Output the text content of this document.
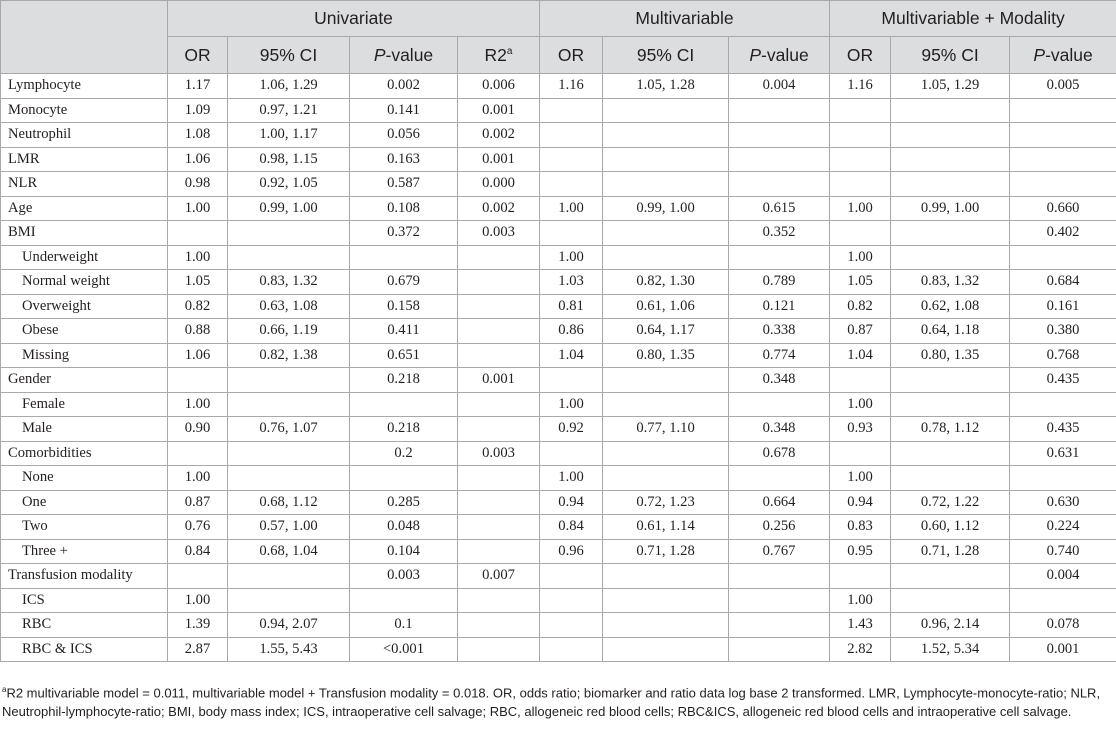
	Univariate				Multivariable			Multivariable + Modality		
	OR	95% CI	P-value	R2$^a$	OR	95% CI	P-value	OR	95% CI	P-value
Lymphocyte	1.17	1.06, 1.29	0.002	0.006	1.16	1.05, 1.28	0.004	1.16	1.05, 1.29	0.005
Monocyte	1.09	0.97, 1.21	0.141	0.001						
Neutrophil	1.08	1.00, 1.17	0.056	0.002						
LMR	1.06	0.98, 1.15	0.163	0.001						
NLR	0.98	0.92, 1.05	0.587	0.000						
Age	1.00	0.99, 1.00	0.108	0.002	1.00	0.99, 1.00	0.615	1.00	0.99, 1.00	0.660
BMI			0.372	0.003			0.352			0.402
Underweight	1.00				1.00			1.00		
Normal weight	1.05	0.83, 1.32	0.679		1.03	0.82, 1.30	0.789	1.05	0.83, 1.32	0.684
Overweight	0.82	0.63, 1.08	0.158		0.81	0.61, 1.06	0.121	0.82	0.62, 1.08	0.161
Obese	0.88	0.66, 1.19	0.411		0.86	0.64, 1.17	0.338	0.87	0.64, 1.18	0.380
Missing	1.06	0.82, 1.38	0.651		1.04	0.80, 1.35	0.774	1.04	0.80, 1.35	0.768
Gender			0.218	0.001			0.348			0.435
Female	1.00				1.00			1.00		
Male	0.90	0.76, 1.07	0.218		0.92	0.77, 1.10	0.348	0.93	0.78, 1.12	0.435
Comorbidities			0.2	0.003			0.678			0.631
None	1.00				1.00			1.00		
One	0.87	0.68, 1.12	0.285		0.94	0.72, 1.23	0.664	0.94	0.72, 1.22	0.630
Two	0.76	0.57, 1.00	0.048		0.84	0.61, 1.14	0.256	0.83	0.60, 1.12	0.224
Three +	0.84	0.68, 1.04	0.104		0.96	0.71, 1.28	0.767	0.95	0.71, 1.28	0.740
Transfusion modality			0.003	0.007						0.004
ICS	1.00							1.00		
RBC	1.39	0.94, 2.07	0.1					1.43	0.96, 2.14	0.078
RBC & ICS	2.87	1.55, 5.43	<0.001					2.82	1.52, 5.34	0.001
$^a$R2 multivariable model = 0.011, multivariable model + Transfusion modality = 0.018. OR, odds ratio; biomarker and ratio data log base 2 transformed. LMR, Lymphocyte-monocyte-ratio; NLR, Neutrophil-lymphocyte-ratio; BMI, body mass index; ICS, intraoperative cell salvage; RBC, allogeneic red blood cells; RBC&ICS, allogeneic red blood cells and intraoperative cell salvage.
